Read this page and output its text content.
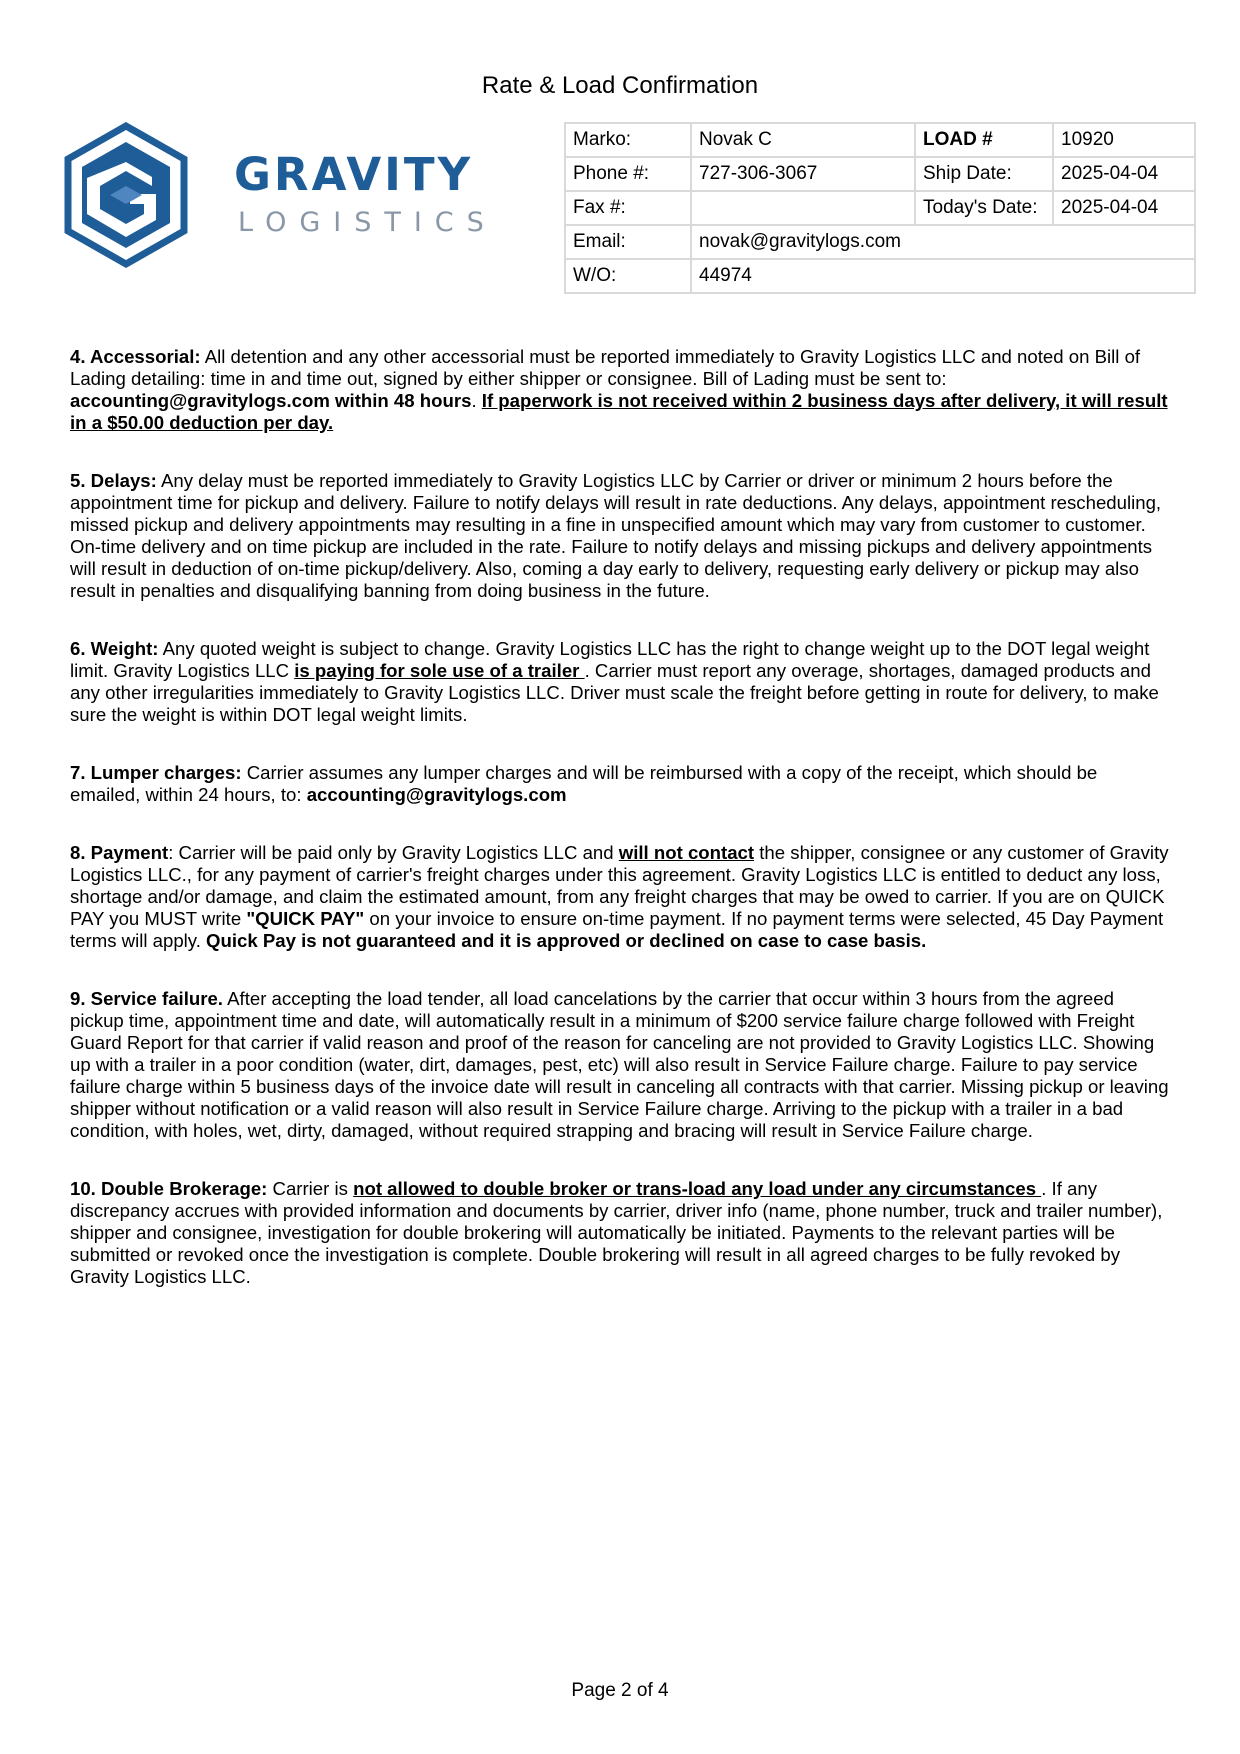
Rate & Load Confirmation
GRAVITY
LOGISTICS
Marko:	Novak C	LOAD #	10920
Phone #:	727-306-3067	Ship Date:	2025-04-04
Fax #:		Today's Date:	2025-04-04
Email:	novak@gravitylogs.com		
W/O:	44974		

4. Accessorial: All detention and any other accessorial must be reported immediately to Gravity Logistics LLC and noted on Bill of Lading detailing: time in and time out, signed by either shipper or consignee. Bill of Lading must be sent to: accounting@gravitylogs.com within 48 hours. If paperwork is not received within 2 business days after delivery, it will result in a $50.00 deduction per day.

5. Delays: Any delay must be reported immediately to Gravity Logistics LLC by Carrier or driver or minimum 2 hours before the appointment time for pickup and delivery. Failure to notify delays will result in rate deductions. Any delays, appointment rescheduling, missed pickup and delivery appointments may resulting in a fine in unspecified amount which may vary from customer to customer. On-time delivery and on time pickup are included in the rate. Failure to notify delays and missing pickups and delivery appointments will result in deduction of on-time pickup/delivery. Also, coming a day early to delivery, requesting early delivery or pickup may also result in penalties and disqualifying banning from doing business in the future.

6. Weight: Any quoted weight is subject to change. Gravity Logistics LLC has the right to change weight up to the DOT legal weight limit. Gravity Logistics LLC is paying for sole use of a trailer . Carrier must report any overage, shortages, damaged products and any other irregularities immediately to Gravity Logistics LLC. Driver must scale the freight before getting in route for delivery, to make sure the weight is within DOT legal weight limits.

7. Lumper charges: Carrier assumes any lumper charges and will be reimbursed with a copy of the receipt, which should be emailed, within 24 hours, to: accounting@gravitylogs.com

8. Payment: Carrier will be paid only by Gravity Logistics LLC and will not contact the shipper, consignee or any customer of Gravity Logistics LLC., for any payment of carrier's freight charges under this agreement. Gravity Logistics LLC is entitled to deduct any loss, shortage and/or damage, and claim the estimated amount, from any freight charges that may be owed to carrier. If you are on QUICK PAY you MUST write "QUICK PAY" on your invoice to ensure on-time payment. If no payment terms were selected, 45 Day Payment terms will apply. Quick Pay is not guaranteed and it is approved or declined on case to case basis.

9. Service failure. After accepting the load tender, all load cancelations by the carrier that occur within 3 hours from the agreed pickup time, appointment time and date, will automatically result in a minimum of $200 service failure charge followed with Freight Guard Report for that carrier if valid reason and proof of the reason for canceling are not provided to Gravity Logistics LLC. Showing up with a trailer in a poor condition (water, dirt, damages, pest, etc) will also result in Service Failure charge. Failure to pay service failure charge within 5 business days of the invoice date will result in canceling all contracts with that carrier. Missing pickup or leaving shipper without notification or a valid reason will also result in Service Failure charge. Arriving to the pickup with a trailer in a bad condition, with holes, wet, dirty, damaged, without required strapping and bracing will result in Service Failure charge.

10. Double Brokerage: Carrier is not allowed to double broker or trans-load any load under any circumstances . If any discrepancy accrues with provided information and documents by carrier, driver info (name, phone number, truck and trailer number), shipper and consignee, investigation for double brokering will automatically be initiated. Payments to the relevant parties will be submitted or revoked once the investigation is complete. Double brokering will result in all agreed charges to be fully revoked by Gravity Logistics LLC.

Page 2 of 4
